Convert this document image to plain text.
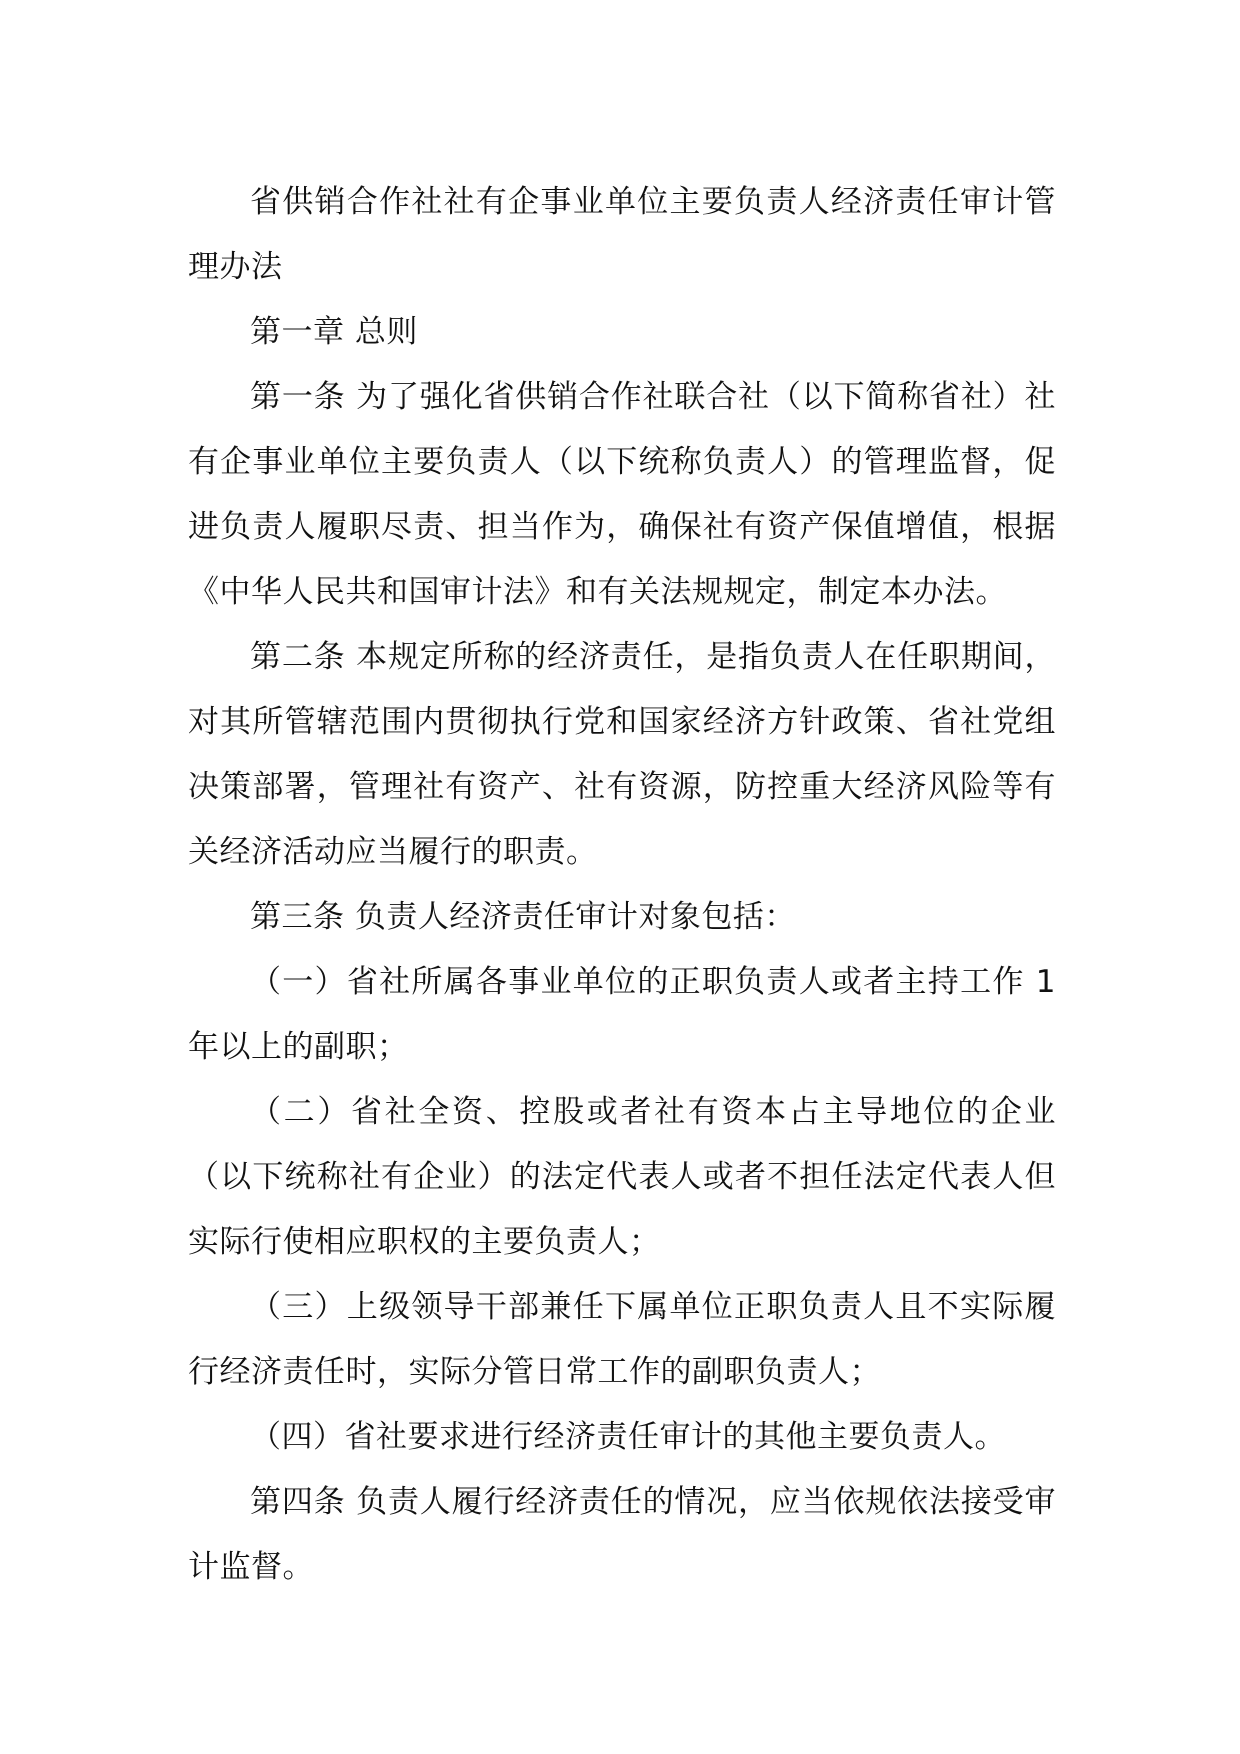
省供销合作社社有企事业单位主要负责人经济责任审计管理办法

第一章 总则

第一条 为了强化省供销合作社联合社（以下简称省社）社有企事业单位主要负责人（以下统称负责人）的管理监督，促进负责人履职尽责、担当作为，确保社有资产保值增值，根据《中华人民共和国审计法》和有关法规规定，制定本办法。

第二条 本规定所称的经济责任，是指负责人在任职期间，对其所管辖范围内贯彻执行党和国家经济方针政策、省社党组决策部署，管理社有资产、社有资源，防控重大经济风险等有关经济活动应当履行的职责。

第三条 负责人经济责任审计对象包括：

（一）省社所属各事业单位的正职负责人或者主持工作 1 年以上的副职；

（二）省社全资、控股或者社有资本占主导地位的企业（以下统称社有企业）的法定代表人或者不担任法定代表人但实际行使相应职权的主要负责人；

（三）上级领导干部兼任下属单位正职负责人且不实际履行经济责任时，实际分管日常工作的副职负责人；

（四）省社要求进行经济责任审计的其他主要负责人。

第四条 负责人履行经济责任的情况，应当依规依法接受审计监督。
